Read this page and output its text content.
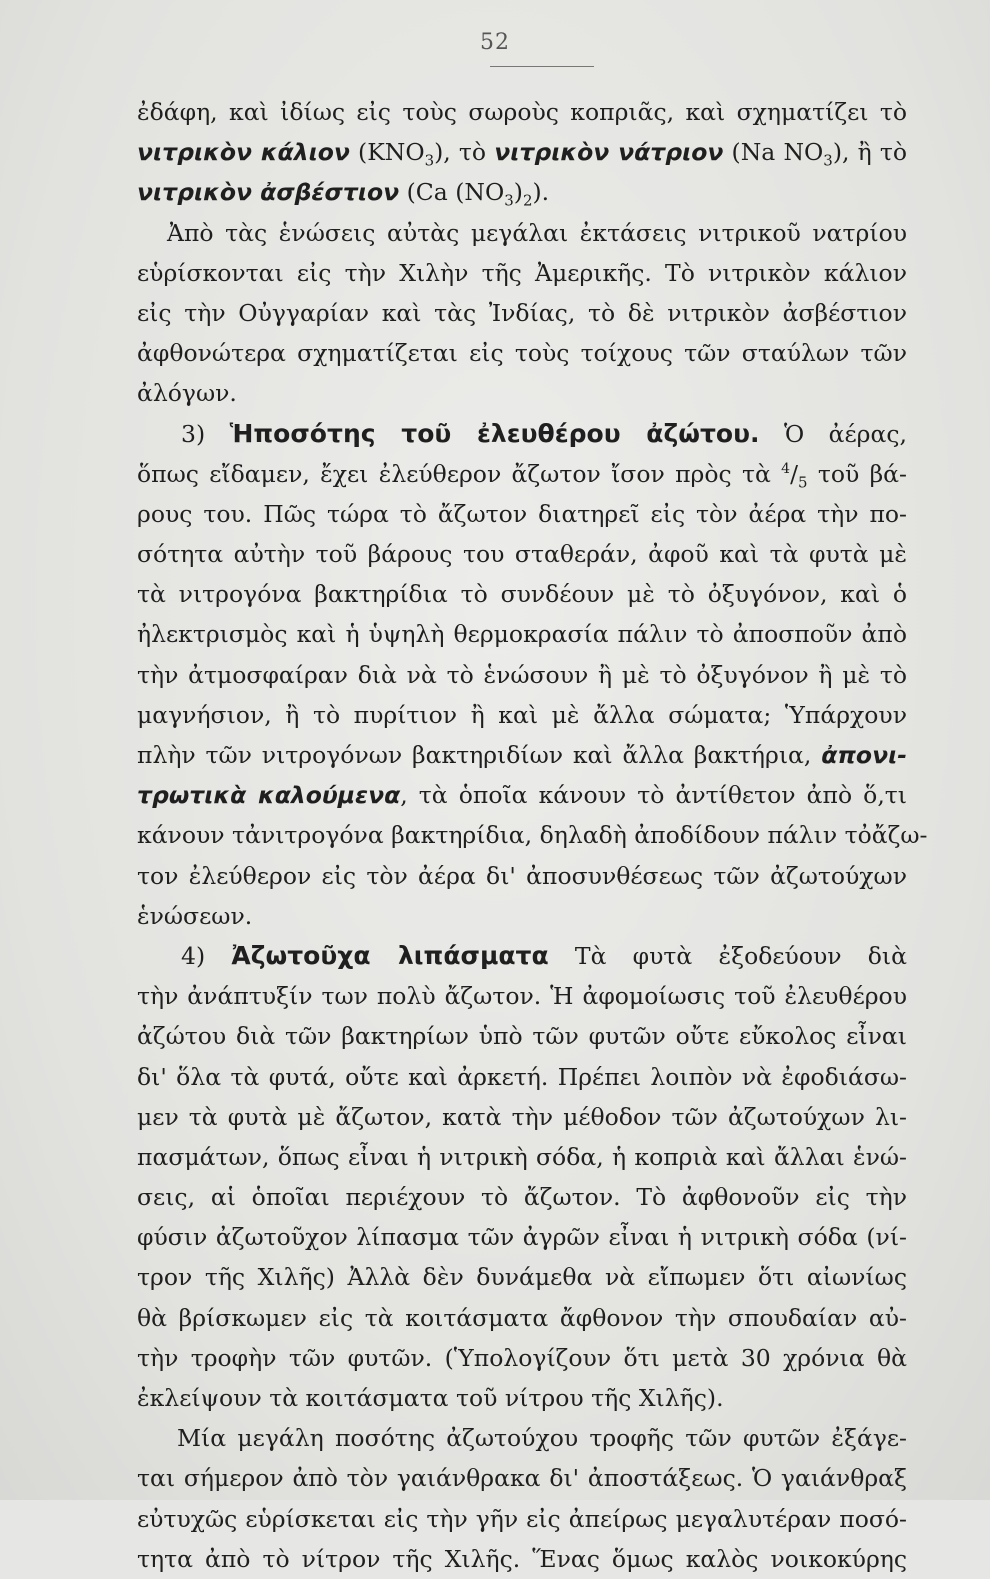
52
ἐδάφη, καὶ ἰδίως εἰς τοὺς σωροὺς κοπριᾶς, καὶ σχηματίζει τὸ
νιτρικὸν κάλιον $(KNO_3)$, τὸ νιτρικὸν νάτριον (Na $NO_3$), ἢ τὸ
νιτρικὸν ἀσβέστιον (Ca $(NO_3)_2$).
Ἀπὸ τὰς ἑνώσεις αὐτὰς μεγάλαι ἐκτάσεις νιτρικοῦ νατρίου
εὑρίσκονται εἰς τὴν Χιλὴν τῆς Ἀμερικῆς. Τὸ νιτρικὸν κάλιον
εἰς τὴν Οὐγγαρίαν καὶ τὰς Ἰνδίας, τὸ δὲ νιτρικὸν ἀσβέστιον
ἀφθονώτερα σχηματίζεται εἰς τοὺς τοίχους τῶν σταύλων τῶν
ἀλόγων.
3) Ἡποσότης τοῦ ἐλευθέρου ἀζώτου. Ὁ ἀέρας,
ὅπως εἴδαμεν, ἔχει ἐλεύθερον ἄζωτον ἴσον πρὸς τὰ $^4/_5$ τοῦ βά-
ρους του. Πῶς τώρα τὸ ἄζωτον διατηρεῖ εἰς τὸν ἀέρα τὴν πο-
σότητα αὐτὴν τοῦ βάρους του σταθεράν, ἀφοῦ καὶ τὰ φυτὰ μὲ
τὰ νιτρογόνα βακτηρίδια τὸ συνδέουν μὲ τὸ ὀξυγόνον, καὶ ὁ
ἠλεκτρισμὸς καὶ ἡ ὑψηλὴ θερμοκρασία πάλιν τὸ ἀποσποῦν ἀπὸ
τὴν ἀτμοσφαίραν διὰ νὰ τὸ ἑνώσουν ἢ μὲ τὸ ὀξυγόνον ἢ μὲ τὸ
μαγνήσιον, ἢ τὸ πυρίτιον ἢ καὶ μὲ ἄλλα σώματα; Ὑπάρχουν
πλὴν τῶν νιτρογόνων βακτηριδίων καὶ ἄλλα βακτήρια, ἀπονι-
τρωτικὰ καλούμενα, τὰ ὁποῖα κάνουν τὸ ἀντίθετον ἀπὸ ὅ,τι
κάνουν τἀνιτρογόνα βακτηρίδια, δηλαδὴ ἀποδίδουν πάλιν τὀἄζω-
τον ἐλεύθερον εἰς τὸν ἀέρα δι' ἀποσυνθέσεως τῶν ἀζωτούχων
ἑνώσεων.
4) Ἀζωτοῦχα λιπάσματα Τὰ φυτὰ ἐξοδεύουν διὰ
τὴν ἀνάπτυξίν των πολὺ ἄζωτον. Ἡ ἀφομοίωσις τοῦ ἐλευθέρου
ἀζώτου διὰ τῶν βακτηρίων ὑπὸ τῶν φυτῶν οὔτε εὔκολος εἶναι
δι' ὅλα τὰ φυτά, οὔτε καὶ ἀρκετή. Πρέπει λοιπὸν νὰ ἐφοδιάσω-
μεν τὰ φυτὰ μὲ ἄζωτον, κατὰ τὴν μέθοδον τῶν ἀζωτούχων λι-
πασμάτων, ὅπως εἶναι ἡ νιτρικὴ σόδα, ἡ κοπριὰ καὶ ἄλλαι ἑνώ-
σεις, αἱ ὁποῖαι περιέχουν τὸ ἄζωτον. Τὸ ἀφθονοῦν εἰς τὴν
φύσιν ἀζωτοῦχον λίπασμα τῶν ἀγρῶν εἶναι ἡ νιτρικὴ σόδα (νί-
τρον τῆς Χιλῆς) Ἀλλὰ δὲν δυνάμεθα νὰ εἴπωμεν ὅτι αἰωνίως
θὰ βρίσκωμεν εἰς τὰ κοιτάσματα ἄφθονον τὴν σπουδαίαν αὐ-
τὴν τροφὴν τῶν φυτῶν. (Ὑπολογίζουν ὅτι μετὰ 30 χρόνια θὰ
ἐκλείψουν τὰ κοιτάσματα τοῦ νίτρου τῆς Χιλῆς).
Μία μεγάλη ποσότης ἀζωτούχου τροφῆς τῶν φυτῶν ἐξάγε-
ται σήμερον ἀπὸ τὸν γαιάνθρακα δι' ἀποστάξεως. Ὁ γαιάνθραξ
εὐτυχῶς εὑρίσκεται εἰς τὴν γῆν εἰς ἀπείρως μεγαλυτέραν ποσό-
τητα ἀπὸ τὸ νίτρον τῆς Χιλῆς. Ἕνας ὅμως καλὸς νοικοκύρης
